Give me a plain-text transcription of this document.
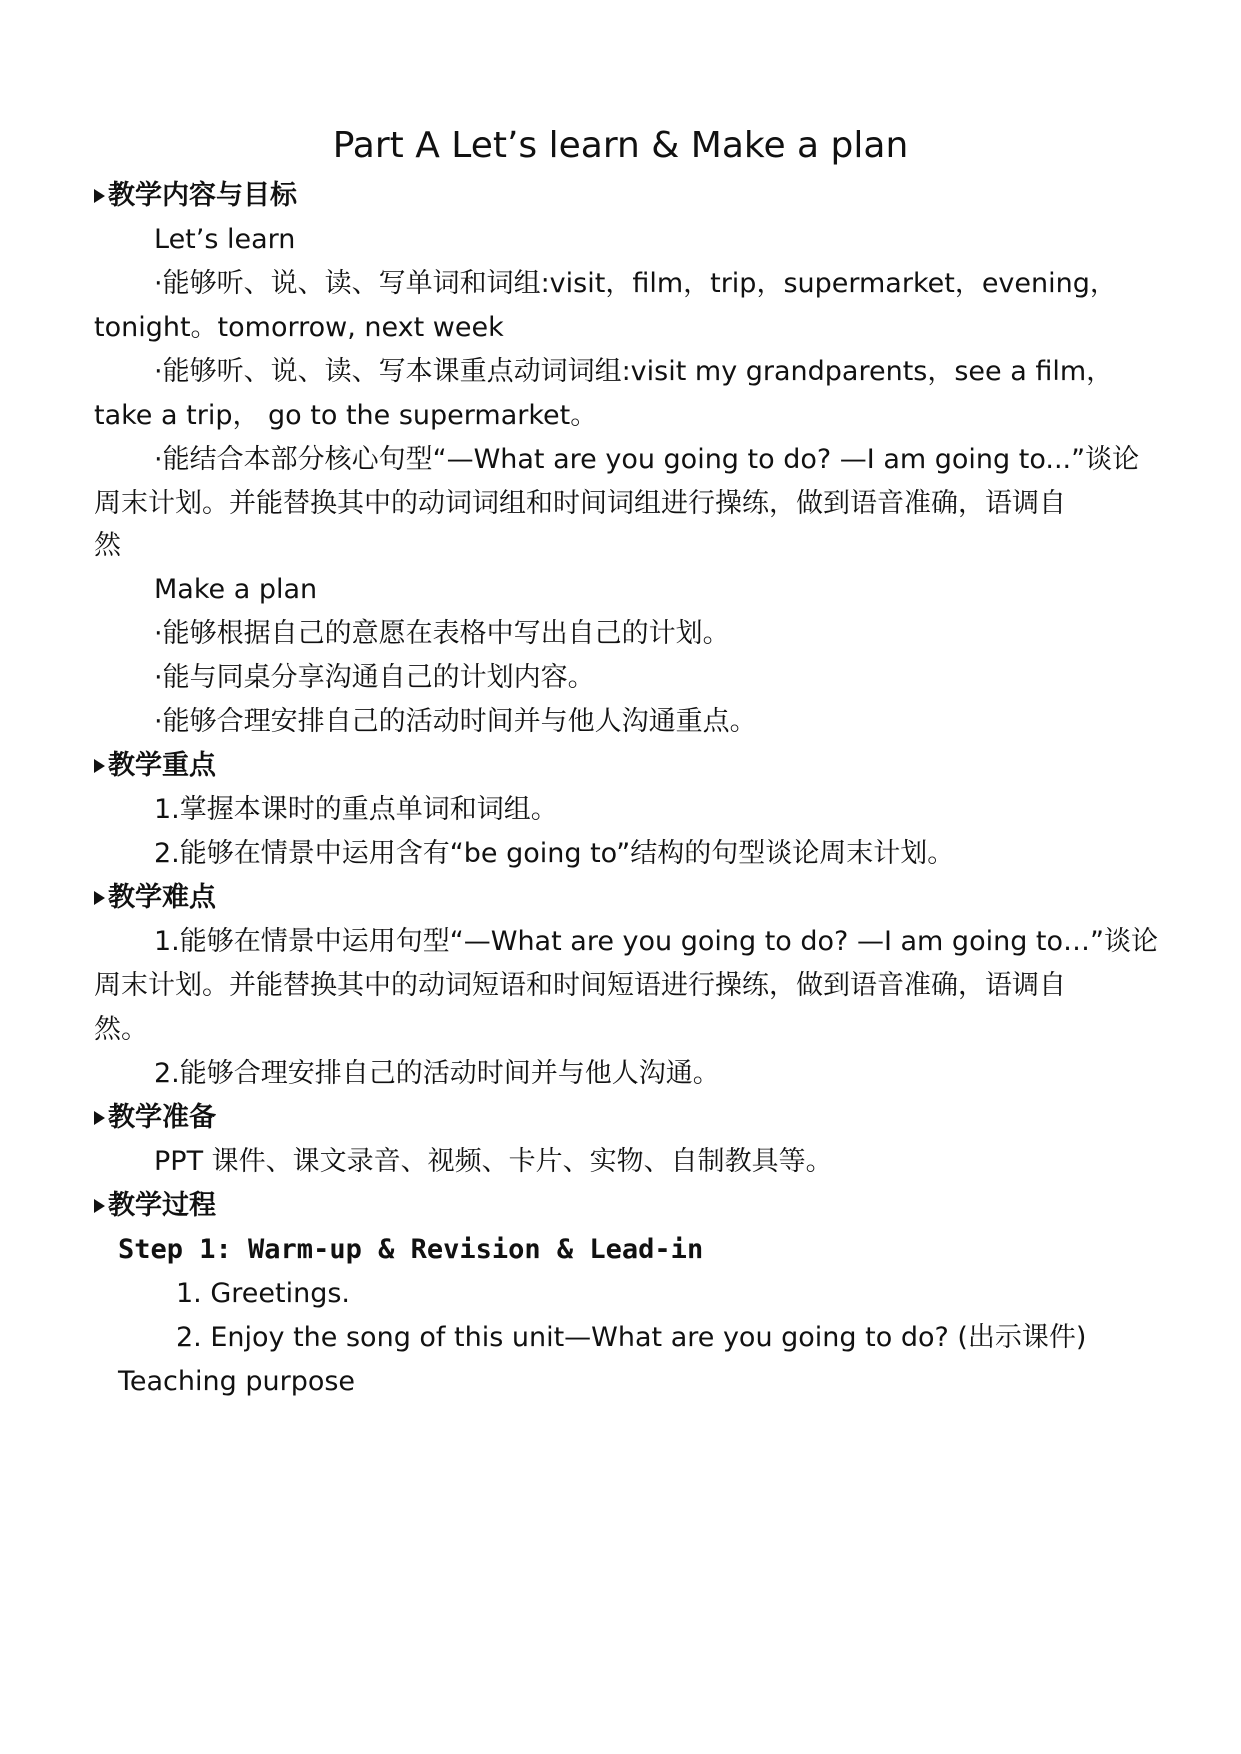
Part A Let’s learn & Make a plan
教学内容与目标
Let’s learn
·能够听、说、读、写单词和词组:visit，film，trip，supermarket，evening，
tonight。tomorrow, next week
·能够听、说、读、写本课重点动词词组:visit my grandparents，see a film，
take a trip， go to the supermarket。
·能结合本部分核心句型“—What are you going to do? —I am going to...”谈论
周末计划。并能替换其中的动词词组和时间词组进行操练，做到语音准确，语调自
然
Make a plan
·能够根据自己的意愿在表格中写出自己的计划。
·能与同桌分享沟通自己的计划内容。
·能够合理安排自己的活动时间并与他人沟通重点。
教学重点
1.掌握本课时的重点单词和词组。
2.能够在情景中运用含有“be going to”结构的句型谈论周末计划。
教学难点
1.能够在情景中运用句型“—What are you going to do? —I am going to…”谈论
周末计划。并能替换其中的动词短语和时间短语进行操练，做到语音准确，语调自
然。
2.能够合理安排自己的活动时间并与他人沟通。
教学准备
PPT 课件、课文录音、视频、卡片、实物、自制教具等。
教学过程
Step 1: Warm-up & Revision & Lead-in
1. Greetings.
2. Enjoy the song of this unit—What are you going to do? (出示课件)
Teaching purpose
